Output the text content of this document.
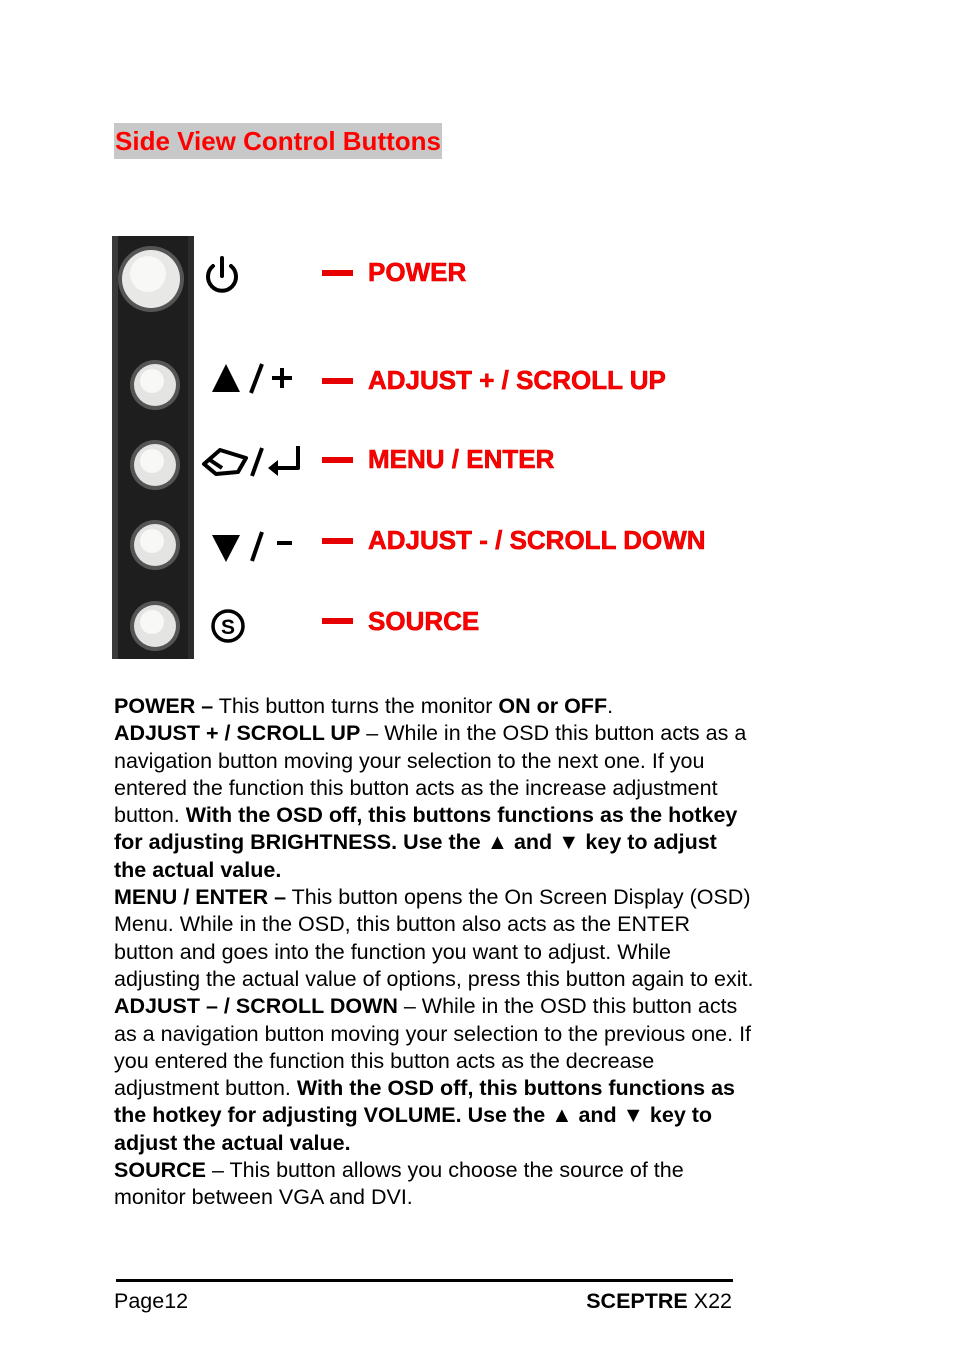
Side View Control Buttons
S
POWER
ADJUST + / SCROLL UP
MENU / ENTER
ADJUST - / SCROLL DOWN
SOURCE

POWER – This button turns the monitor ON or OFF.

ADJUST + / SCROLL UP – While in the OSD this button acts as a navigation button moving your selection to the next one. If you entered the function this button acts as the increase adjustment button. With the OSD off, this buttons functions as the hotkey for adjusting BRIGHTNESS. Use the ▲ and ▼ key to adjust the actual value.

MENU / ENTER – This button opens the On Screen Display (OSD) Menu. While in the OSD, this button also acts as the ENTER button and goes into the function you want to adjust. While adjusting the actual value of options, press this button again to exit.

ADJUST – / SCROLL DOWN – While in the OSD this button acts as a navigation button moving your selection to the previous one. If you entered the function this button acts as the decrease adjustment button. With the OSD off, this buttons functions as the hotkey for adjusting VOLUME. Use the ▲ and ▼ key to adjust the actual value.

SOURCE – This button allows you choose the source of the monitor between VGA and DVI.

Page12	SCEPTRE X22
